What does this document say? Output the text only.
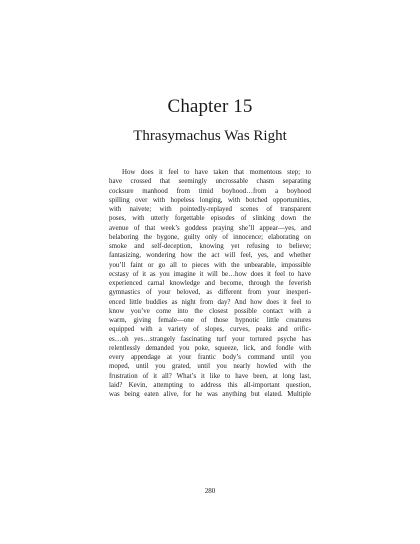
Chapter 15
Thrasymachus Was Right
How does it feel to have taken that momentous step; to
have crossed that seemingly uncrossable chasm separating
cocksure manhood from timid boyhood…from a boyhood
spilling over with hopeless longing, with botched opportunities,
with naivete; with pointedly-replayed scenes of transparent
poses, with utterly forgettable episodes of slinking down the
avenue of that week’s goddess praying she’ll appear—yes, and
belaboring the bygone, guilty only of innocence; elaborating on
smoke and self-deception, knowing yet refusing to believe;
fantasizing, wondering how the act will feel, yes, and whether
you’ll faint or go all to pieces with the unbearable, impossible
ecstasy of it as you imagine it will be…how does it feel to have
experienced carnal knowledge and become, through the feverish
gymnastics of your beloved, as different from your inexperi-
enced little buddies as night from day? And how does it feel to
know you’ve come into the closest possible contact with a
warm, giving female—one of those hypnotic little creatures
equipped with a variety of slopes, curves, peaks and orific-
es…oh yes…strangely fascinating turf your tortured psyche has
relentlessly demanded you poke, squeeze, lick, and fondle with
every appendage at your frantic body’s command until you
moped, until you grated, until you nearly howled with the
frustration of it all? What’s it like to have been, at long last,
laid? Kevin, attempting to address this all-important question,
was being eaten alive, for he was anything but elated. Multiple
280
